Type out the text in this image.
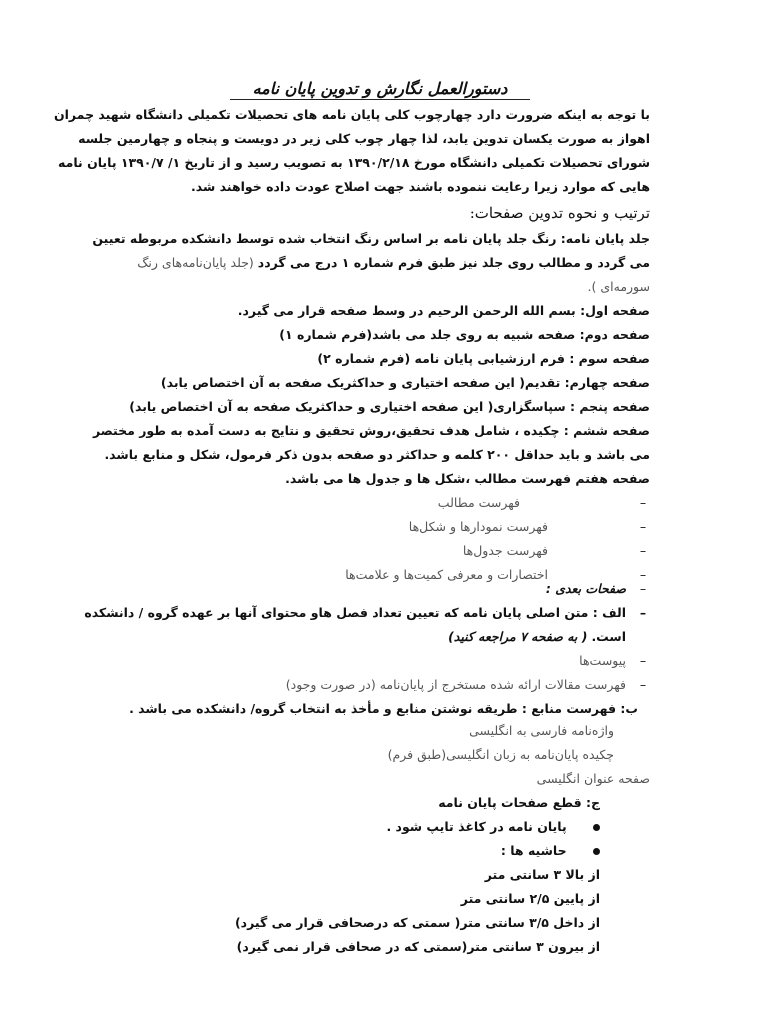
دستورالعمل نگارش و تدوین پایان نامه
با توجه به اینکه ضرورت دارد چهارچوب کلی پایان نامه های تحصیلات تکمیلی دانشگاه شهید چمران
اهواز به صورت یکسان تدوین یابد، لذا چهار چوب کلی زیر در دویست و پنجاه و چهارمین جلسه
شورای تحصیلات تکمیلی دانشگاه مورخ ۱۳۹۰/۲/۱۸ به تصویب رسید و از تاریخ ۱/ ۱۳۹۰/۷ پایان نامه
هایی که موارد زیرا رعایت ننموده باشند جهت اصلاح عودت داده خواهند شد.
ترتیب و نحوه تدوین صفحات:
جلد پایان نامه: رنگ جلد پایان نامه بر اساس رنگ انتخاب شده توسط دانشکده مربوطه تعیین
می گردد و مطالب روی جلد نیز طبق فرم شماره ۱ درج می گردد (جلد پایان‌نامه‌های رنگ
سورمه‌ای ).
صفحه اول: بسم الله الرحمن الرحیم در وسط صفحه قرار می گیرد.
صفحه دوم: صفحه شبیه به روی جلد می باشد(فرم شماره ۱)
صفحه سوم : فرم ارزشیابی پایان نامه (فرم شماره ۲)
صفحه چهارم: تقدیم( این صفحه اختیاری و حداکثریک صفحه به آن اختصاص یابد)
صفحه پنجم : سپاسگزاری( این صفحه اختیاری و حداکثریک صفحه به آن اختصاص یابد)
صفحه ششم : چکیده ، شامل هدف تحقیق،روش تحقیق و نتایج به دست آمده به طور مختصر
می باشد و باید حداقل ۲۰۰ کلمه و حداکثر دو صفحه بدون ذکر فرمول، شکل و منابع باشد.
صفحه هفتم فهرست مطالب ،شکل ها و جدول ها می باشد.
–
فهرست مطالب
–
فهرست نمودارها و شکل‌ها
–
فهرست جدول‌ها
–
اختصارات و معرفی کمیت‌ها و علامت‌ها
–
صفحات بعدی :
–
الف : متن اصلی پایان نامه که تعیین تعداد فصل هاو محتوای آنها بر عهده گروه / دانشکده
است. ( به صفحه ۷ مراجعه کنید)
–
پیوست‌ها
–
فهرست مقالات ارائه شده مستخرج از پایان‌نامه (در صورت وجود)
ب: فهرست منابع : طریقه نوشتن منابع و مأخذ به انتخاب گروه/ دانشکده می باشد .
واژه‌نامه فارسی به انگلیسی
چکیده پایان‌نامه به زبان انگلیسی(طبق فرم)
صفحه عنوان انگلیسی
ج: قطع صفحات پایان نامه
پایان نامه در کاغذ تایپ شود .
حاشیه ها :
از بالا ۳ سانتی متر
از پایین ۲/۵ سانتی متر
از داخل ۳/۵ سانتی متر( سمتی که درصحافی قرار می گیرد)
از بیرون ۳ سانتی متر(سمتی که در صحافی قرار نمی گیرد)
